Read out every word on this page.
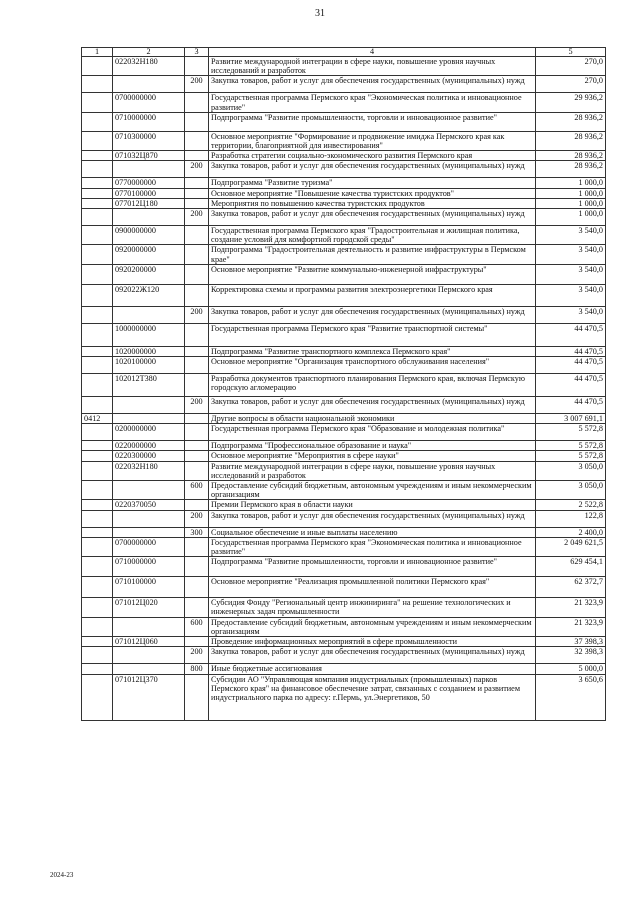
31
1	2	3	4	5
	022032Н180		Развитие международной интеграции в сфере науки, повышение уровня научных исследований и разработок	270,0
		200	Закупка товаров, работ и услуг для обеспечения государственных (муниципальных) нужд	270,0
	0700000000		Государственная программа Пермского края "Экономическая политика и инновационное развитие"	29 936,2
	0710000000		Подпрограмма "Развитие промышленности, торговли и инновационное развитие"	28 936,2
	0710300000		Основное мероприятие "Формирование и продвижение имиджа Пермского края как территории, благоприятной для инвестирования"	28 936,2
	071032Ц870		Разработка стратегии социально-экономического развития Пермского края	28 936,2
		200	Закупка товаров, работ и услуг для обеспечения государственных (муниципальных) нужд	28 936,2
	0770000000		Подпрограмма "Развитие туризма"	1 000,0
	0770100000		Основное мероприятие "Повышение качества туристских продуктов"	1 000,0
	077012Ц180		Мероприятия по повышению качества туристских продуктов	1 000,0
		200	Закупка товаров, работ и услуг для обеспечения государственных (муниципальных) нужд	1 000,0
	0900000000		Государственная программа Пермского края "Градостроительная и жилищная политика, создание условий для комфортной городской среды"	3 540,0
	0920000000		Подпрограмма "Градостроительная деятельность и развитие инфраструктуры в Пермском крае"	3 540,0
	0920200000		Основное мероприятие "Развитие коммунально-инженерной инфраструктуры"	3 540,0
	092022Ж120		Корректировка схемы и программы развития электроэнергетики Пермского края	3 540,0
		200	Закупка товаров, работ и услуг для обеспечения государственных (муниципальных) нужд	3 540,0
	1000000000		Государственная программа Пермского края "Развитие транспортной системы"	44 470,5
	1020000000		Подпрограмма "Развитие транспортного комплекса Пермского края"	44 470,5
	1020100000		Основное мероприятие "Организация транспортного обслуживания населения"	44 470,5
	102012Т380		Разработка документов транспортного планирования Пермского края, включая Пермскую городскую агломерацию	44 470,5
		200	Закупка товаров, работ и услуг для обеспечения государственных (муниципальных) нужд	44 470,5
0412			Другие вопросы в области национальной экономики	3 007 691,1
	0200000000		Государственная программа Пермского края "Образование и молодежная политика"	5 572,8
	0220000000		Подпрограмма "Профессиональное образование и наука"	5 572,8
	0220300000		Основное мероприятие "Мероприятия в сфере науки"	5 572,8
	022032Н180		Развитие международной интеграции в сфере науки, повышение уровня научных исследований и разработок	3 050,0
		600	Предоставление субсидий бюджетным, автономным учреждениям и иным некоммерческим организациям	3 050,0
	0220370050		Премии Пермского края в области науки	2 522,8
		200	Закупка товаров, работ и услуг для обеспечения государственных (муниципальных) нужд	122,8
		300	Социальное обеспечение и иные выплаты населению	2 400,0
	0700000000		Государственная программа Пермского края "Экономическая политика и инновационное развитие"	2 049 621,5
	0710000000		Подпрограмма "Развитие промышленности, торговли и инновационное развитие"	629 454,1
	0710100000		Основное мероприятие "Реализация промышленной политики Пермского края"	62 372,7
	071012Ц020		Субсидия Фонду "Региональный центр инжиниринга" на решение технологических и инженерных задач промышленности	21 323,9
		600	Предоставление субсидий бюджетным, автономным учреждениям и иным некоммерческим организациям	21 323,9
	071012Ц060		Проведение информационных мероприятий в сфере промышленности	37 398,3
		200	Закупка товаров, работ и услуг для обеспечения государственных (муниципальных) нужд	32 398,3
		800	Иные бюджетные ассигнования	5 000,0
	071012Ц370		Субсидии АО "Управляющая компания индустриальных (промышленных) парков Пермского края" на финансовое обеспечение затрат, связанных с созданием и развитием индустриального парка по адресу: г.Пермь, ул.Энергетиков, 50	3 650,6
2024-23
